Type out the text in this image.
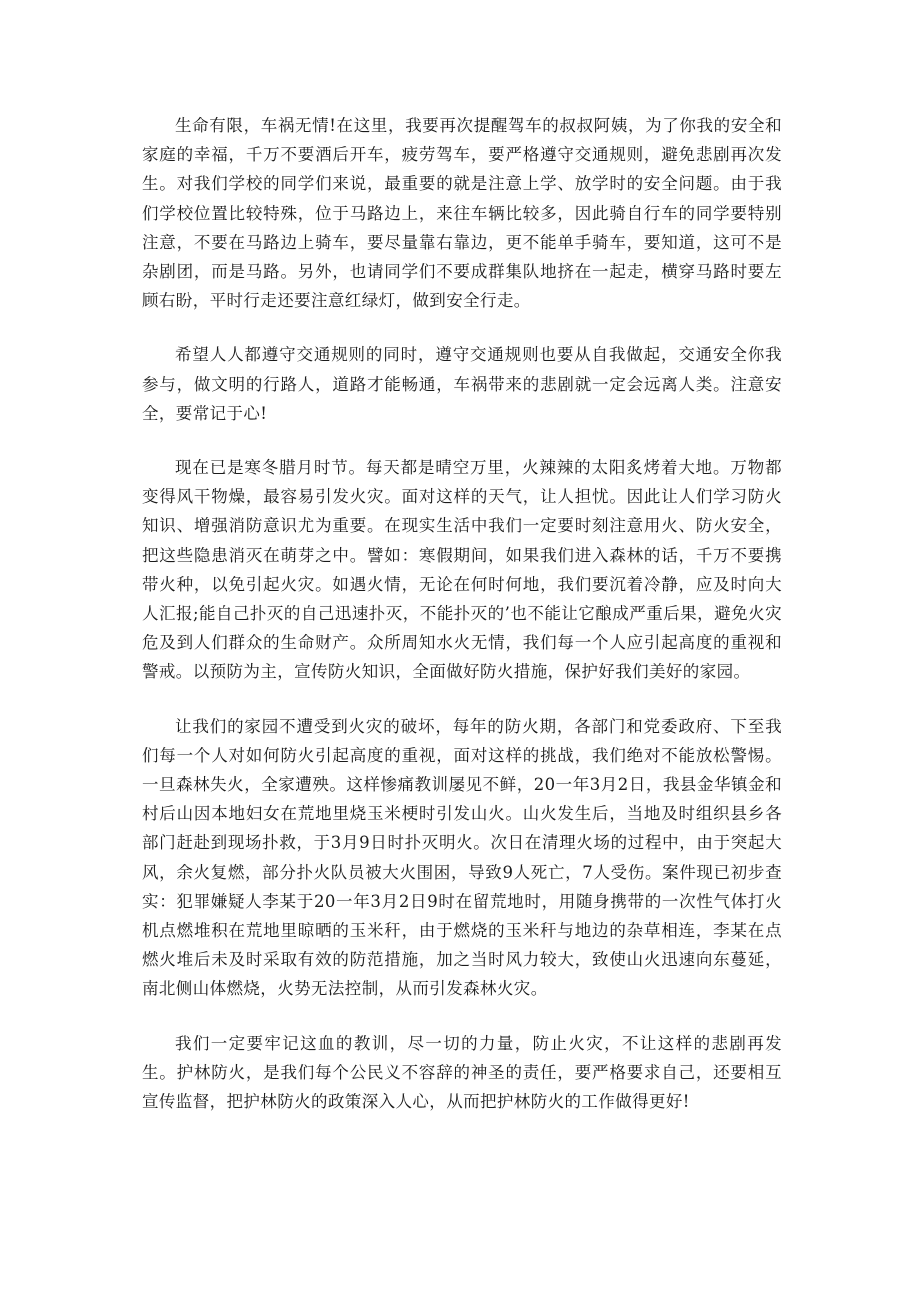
生命有限，车祸无情!在这里，我要再次提醒驾车的叔叔阿姨，为了你我的安全和家庭的幸福，千万不要酒后开车，疲劳驾车，要严格遵守交通规则，避免悲剧再次发生。对我们学校的同学们来说，最重要的就是注意上学、放学时的安全问题。由于我们学校位置比较特殊，位于马路边上，来往车辆比较多，因此骑自行车的同学要特别注意，不要在马路边上骑车，要尽量靠右靠边，更不能单手骑车，要知道，这可不是杂剧团，而是马路。另外，也请同学们不要成群集队地挤在一起走，横穿马路时要左顾右盼，平时行走还要注意红绿灯，做到安全行走。

希望人人都遵守交通规则的同时，遵守交通规则也要从自我做起，交通安全你我参与，做文明的行路人，道路才能畅通，车祸带来的悲剧就一定会远离人类。注意安全，要常记于心!

现在已是寒冬腊月时节。每天都是晴空万里，火辣辣的太阳炙烤着大地。万物都变得风干物燥，最容易引发火灾。面对这样的天气，让人担忧。因此让人们学习防火知识、增强消防意识尤为重要。在现实生活中我们一定要时刻注意用火、防火安全，把这些隐患消灭在萌芽之中。譬如：寒假期间，如果我们进入森林的话，千万不要携带火种，以免引起火灾。如遇火情，无论在何时何地，我们要沉着冷静，应及时向大人汇报;能自己扑灭的自己迅速扑灭，不能扑灭的’也不能让它酿成严重后果，避免火灾危及到人们群众的生命财产。众所周知水火无情，我们每一个人应引起高度的重视和警戒。以预防为主，宣传防火知识，全面做好防火措施，保护好我们美好的家园。

让我们的家园不遭受到火灾的破坏，每年的防火期，各部门和党委政府、下至我们每一个人对如何防火引起高度的重视，面对这样的挑战，我们绝对不能放松警惕。一旦森林失火，全家遭殃。这样惨痛教训屡见不鲜，20一年3月2日，我县金华镇金和村后山因本地妇女在荒地里烧玉米梗时引发山火。山火发生后，当地及时组织县乡各部门赶赴到现场扑救，于3月9日时扑灭明火。次日在清理火场的过程中，由于突起大风，余火复燃，部分扑火队员被大火围困，导致9人死亡，7人受伤。案件现已初步查实：犯罪嫌疑人李某于20一年3月2日9时在留荒地时，用随身携带的一次性气体打火机点燃堆积在荒地里晾晒的玉米秆，由于燃烧的玉米秆与地边的杂草相连，李某在点燃火堆后未及时采取有效的防范措施，加之当时风力较大，致使山火迅速向东蔓延，南北侧山体燃烧，火势无法控制，从而引发森林火灾。

我们一定要牢记这血的教训，尽一切的力量，防止火灾，不让这样的悲剧再发生。护林防火，是我们每个公民义不容辞的神圣的责任，要严格要求自己，还要相互宣传监督，把护林防火的政策深入人心，从而把护林防火的工作做得更好!
